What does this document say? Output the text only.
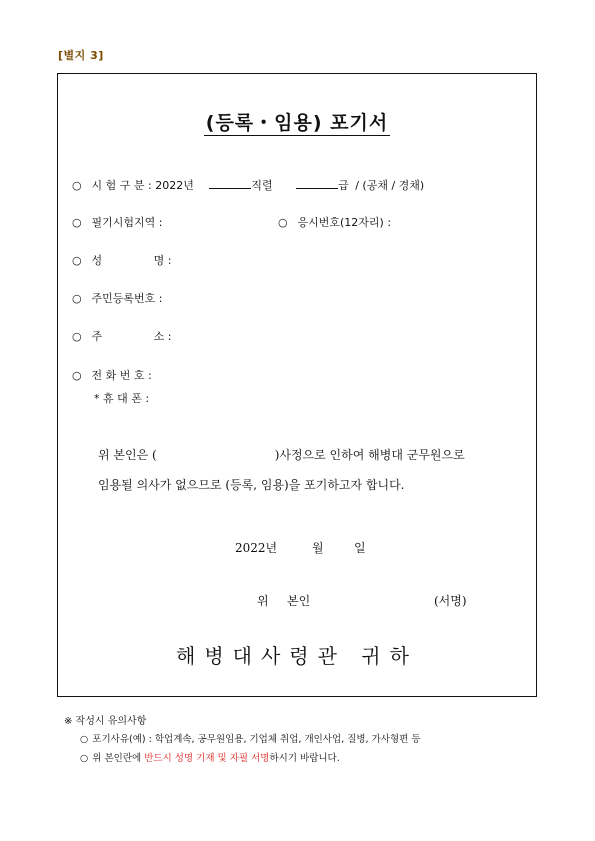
[별지 3]
(등록・임용) 포기서
○ 시 험 구 분 : 2022년	직렬	급 / (공채 / 경채)
○ 필기시험지역 :	○ 응시번호(12자리) :
○ 성	명 :
○ 주민등록번호 :
○ 주	소 :
○ 전 화 번 호 :
* 휴 대 폰 :
위 본인은 (	)사정으로 인하여 해병대 군무원으로
임용될 의사가 없으므로 (등록, 임용)을 포기하고자 합니다.
2022년	월	일
위 본인	(서명)
해병대사령관 귀하
※ 작성시 유의사항
○ 포기사유(예) : 학업계속, 공무원임용, 기업체 취업, 개인사업, 질병, 가사형편 등
○ 위 본인란에 반드시 성명 기재 및 자필 서명하시기 바랍니다.
